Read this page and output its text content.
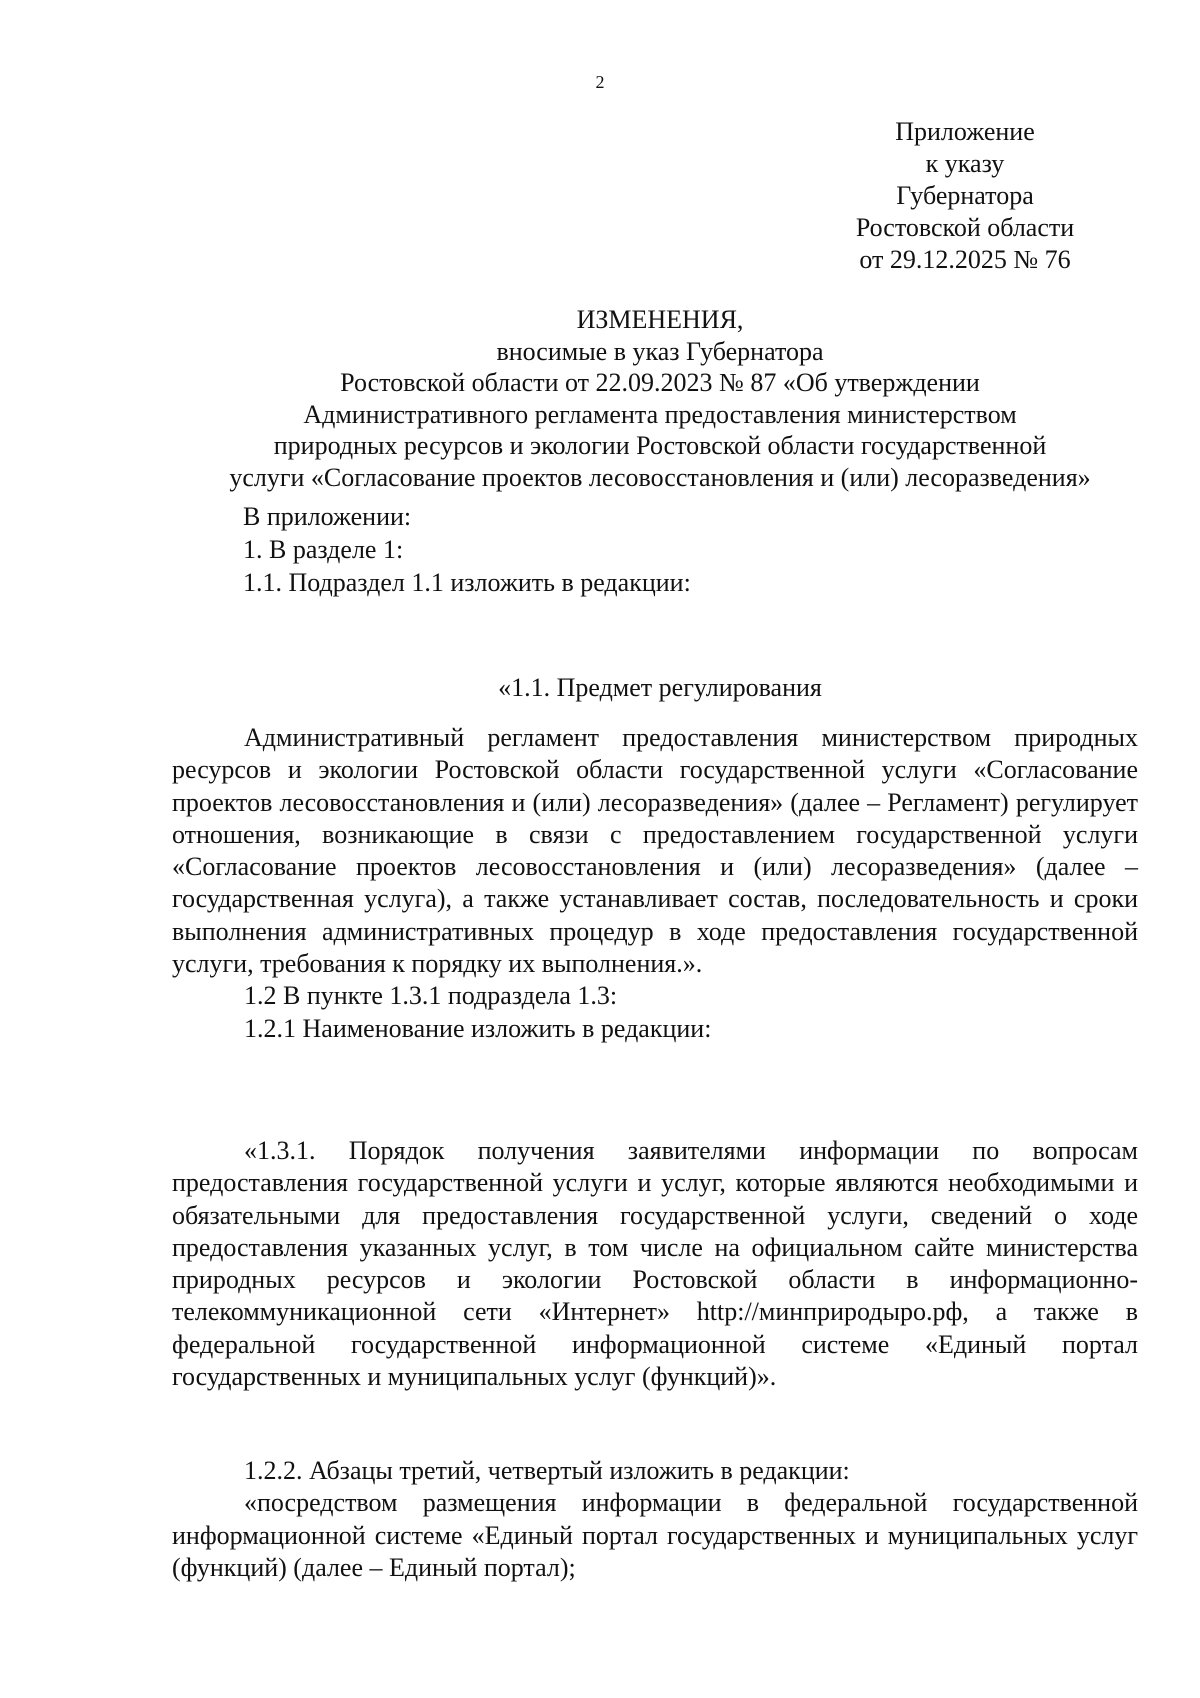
2
Приложение
к указу
Губернатора
Ростовской области
от 29.12.2025 № 76
ИЗМЕНЕНИЯ,
вносимые в указ Губернатора
Ростовской области от 22.09.2023 № 87 «Об утверждении
Административного регламента предоставления министерством
природных ресурсов и экологии Ростовской области государственной
услуги «Согласование проектов лесовосстановления и (или) лесоразведения»
В приложении:
1. В разделе 1:
1.1. Подраздел 1.1 изложить в редакции:
«1.1. Предмет регулирования

Административный регламент предоставления министерством природных ресурсов и экологии Ростовской области государственной услуги «Согласование проектов лесовосстановления и (или) лесоразведения» (далее – Регламент) регулирует отношения, возникающие в связи с предоставлением государственной услуги «Согласование проектов лесовосстановления и (или) лесоразведения» (далее – государственная услуга), а также устанавливает состав, последовательность и сроки выполнения административных процедур в ходе предоставления государственной услуги, требования к порядку их выполнения.».

1.2 В пункте 1.3.1 подраздела 1.3:
1.2.1 Наименование изложить в редакции:

«1.3.1. Порядок получения заявителями информации по вопросам предоставления государственной услуги и услуг, которые являются необходимыми и обязательными для предоставления государственной услуги, сведений о ходе предоставления указанных услуг, в том числе на официальном сайте министерства природных ресурсов и экологии Ростовской области в информационно-телекоммуникационной сети «Интернет» http://минприродыро.рф, а также в федеральной государственной информационной системе «Единый портал государственных и муниципальных услуг (функций)».

1.2.2. Абзацы третий, четвертый изложить в редакции:

«посредством размещения информации в федеральной государственной информационной системе «Единый портал государственных и муниципальных услуг (функций) (далее – Единый портал);
